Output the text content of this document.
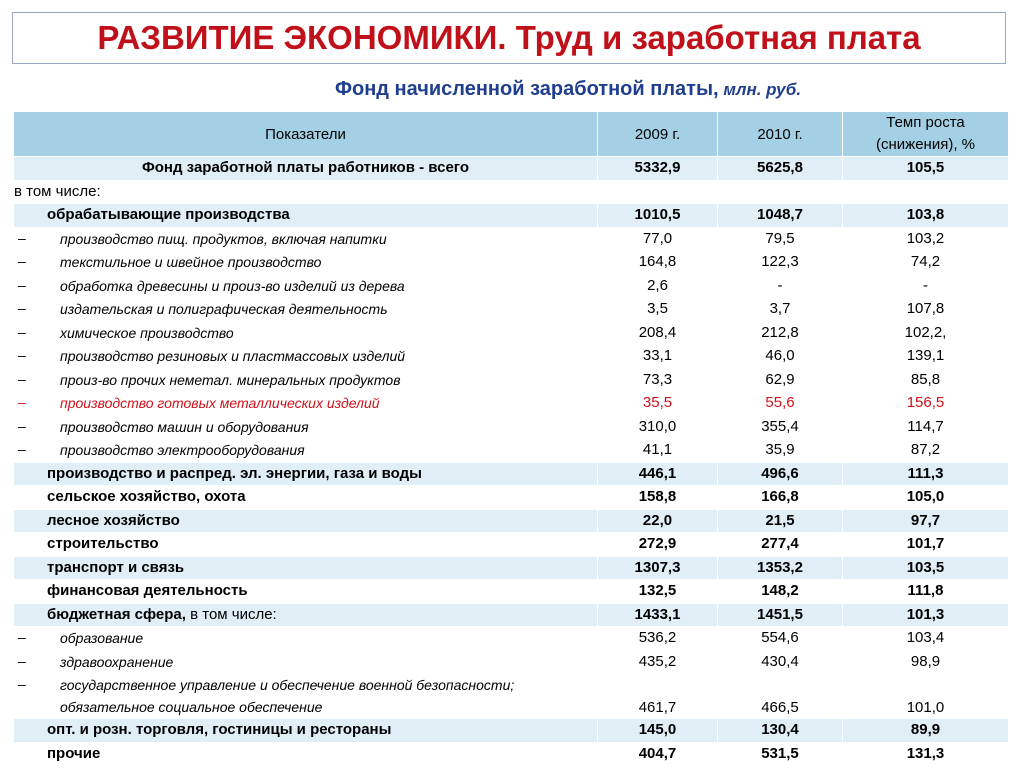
РАЗВИТИЕ ЭКОНОМИКИ. Труд и заработная плата
Фонд начисленной заработной платы, млн. руб.
Показатели	2009 г.	2010 г.	Темп роста
(снижения), %

Фонд заработной платы работников - всего	5332,9	5625,8	105,5
в том числе:			
обрабатывающие производства	1010,5	1048,7	103,8

– производство пищ. продуктов, включая напитки	77,0	79,5	103,2

– текстильное и швейное производство	164,8	122,3	74,2

– обработка древесины и произ-во изделий из дерева	2,6	-	-

– издательская и полиграфическая деятельность	3,5	3,7	107,8

– химическое производство	208,4	212,8	102,2,

– производство резиновых и пластмассовых изделий	33,1	46,0	139,1

– произ-во прочих неметал. минеральных продуктов	73,3	62,9	85,8

– производство готовых металлических изделий	35,5	55,6	156,5

– производство машин и оборудования	310,0	355,4	114,7

– производство электрооборудования	41,1	35,9	87,2
производство и распред. эл. энергии, газа и воды	446,1	496,6	111,3
сельское хозяйство, охота	158,8	166,8	105,0
лесное хозяйство	22,0	21,5	97,7
строительство	272,9	277,4	101,7
транспорт и связь	1307,3	1353,2	103,5
финансовая деятельность	132,5	148,2	111,8
бюджетная сфера, в том числе:	1433,1	1451,5	101,3

– образование	536,2	554,6	103,4

– здравоохранение	435,2	430,4	98,9

– государственное управление и обеспечение военной безопасности;
обязательное социальное обеспечение	461,7	466,5	101,0
опт. и розн. торговля, гостиницы и рестораны	145,0	130,4	89,9
прочие	404,7	531,5	131,3
